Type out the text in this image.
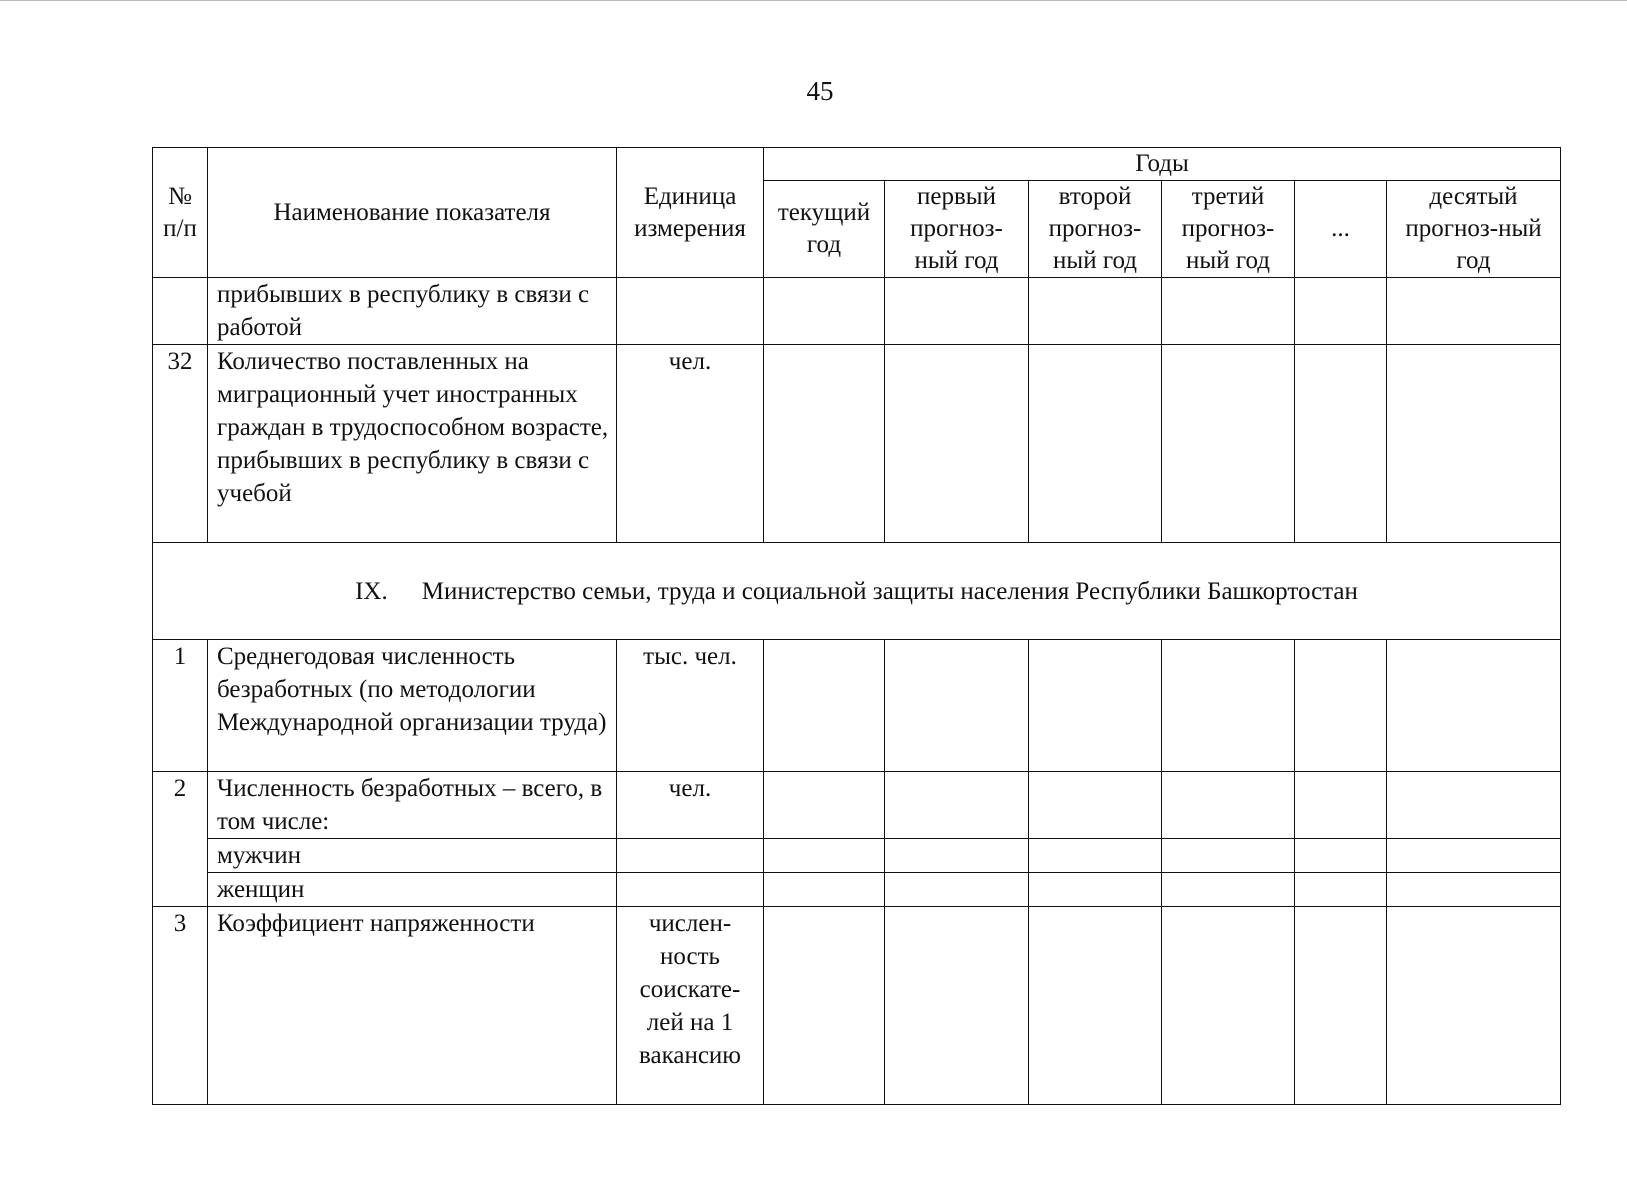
45
№ п/п	Наименование показателя	Единица измерения	Годы					
			текущий год	первый прогноз-ный год	второй прогноз-ный год	третий прогноз-ный год	...	десятый прогноз-ный год
	прибывших в республику в связи с работой							
32	Количество поставленных на миграционный учет иностранных граждан в трудоспособном возрасте, прибывших в республику в связи с учебой	чел.						
IX. Министерство семьи, труда и социальной защиты населения Республики Башкортостан								
1	Среднегодовая численность безработных (по методологии Международной организации труда)	тыс. чел.						
2	Численность безработных – всего, в том числе:	чел.						
	мужчин							
	женщин							
3	Коэффициент напряженности	числен-ность соискате-лей на 1 вакансию						
